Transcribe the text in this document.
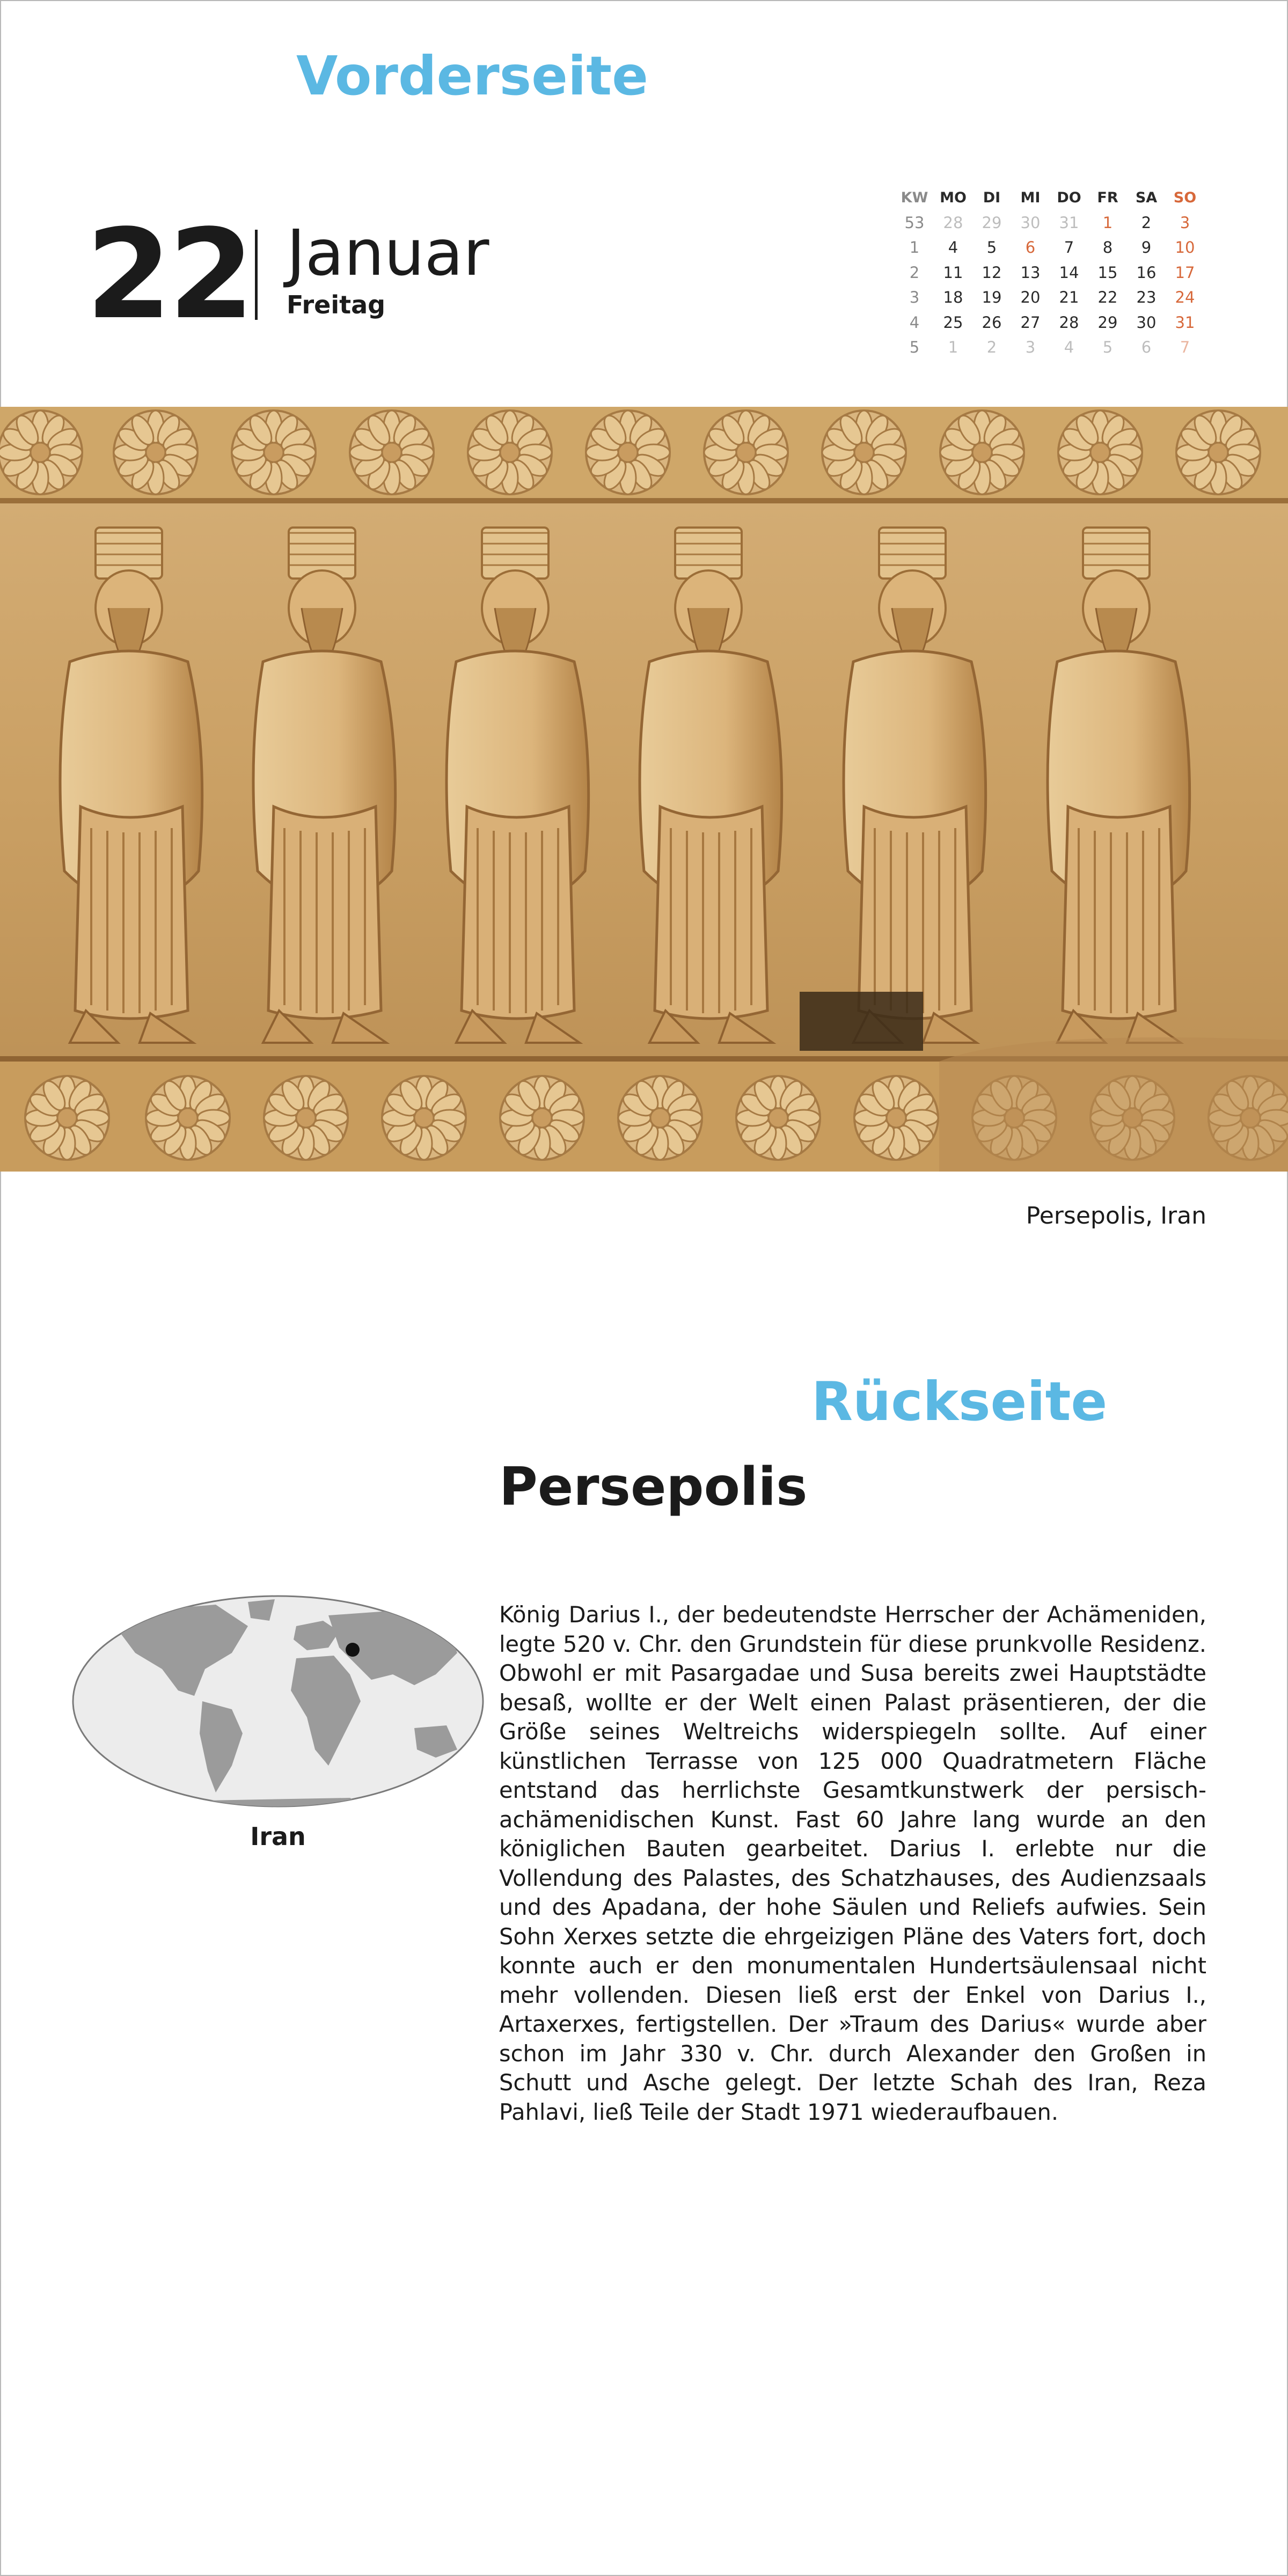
Vorderseite
22 Januar
Freitag
KW	MO	DI	MI	DO	FR	SA	SO
53	28	29	30	31	1	2	3
1	4	5	6	7	8	9	10
2	11	12	13	14	15	16	17
3	18	19	20	21	22	23	24
4	25	26	27	28	29	30	31
5	1	2	3	4	5	6	7
Persepolis, Iran
Rückseite
Persepolis
Iran
König Darius I., der bedeutendste Herrscher der Achämeniden, legte 520 v. Chr. den Grundstein für diese prunkvolle Residenz. Obwohl er mit Pasargadae und Susa bereits zwei Hauptstädte besaß, wollte er der Welt einen Palast präsentieren, der die Größe seines Weltreichs widerspiegeln sollte. Auf einer künstlichen Terrasse von 125 000 Quadratmetern Fläche entstand das herrlichste Gesamtkunstwerk der persisch-achämenidischen Kunst. Fast 60 Jahre lang wurde an den königlichen Bauten gearbeitet. Darius I. erlebte nur die Vollendung des Palastes, des Schatzhauses, des Audienzsaals und des Apadana, der hohe Säulen und Reliefs aufwies. Sein Sohn Xerxes setzte die ehrgeizigen Pläne des Vaters fort, doch konnte auch er den monumentalen Hundertsäulensaal nicht mehr vollenden. Diesen ließ erst der Enkel von Darius I., Artaxerxes, fertigstellen. Der »Traum des Darius« wurde aber schon im Jahr 330 v. Chr. durch Alexander den Großen in Schutt und Asche gelegt. Der letzte Schah des Iran, Reza Pahlavi, ließ Teile der Stadt 1971 wiederaufbauen.
